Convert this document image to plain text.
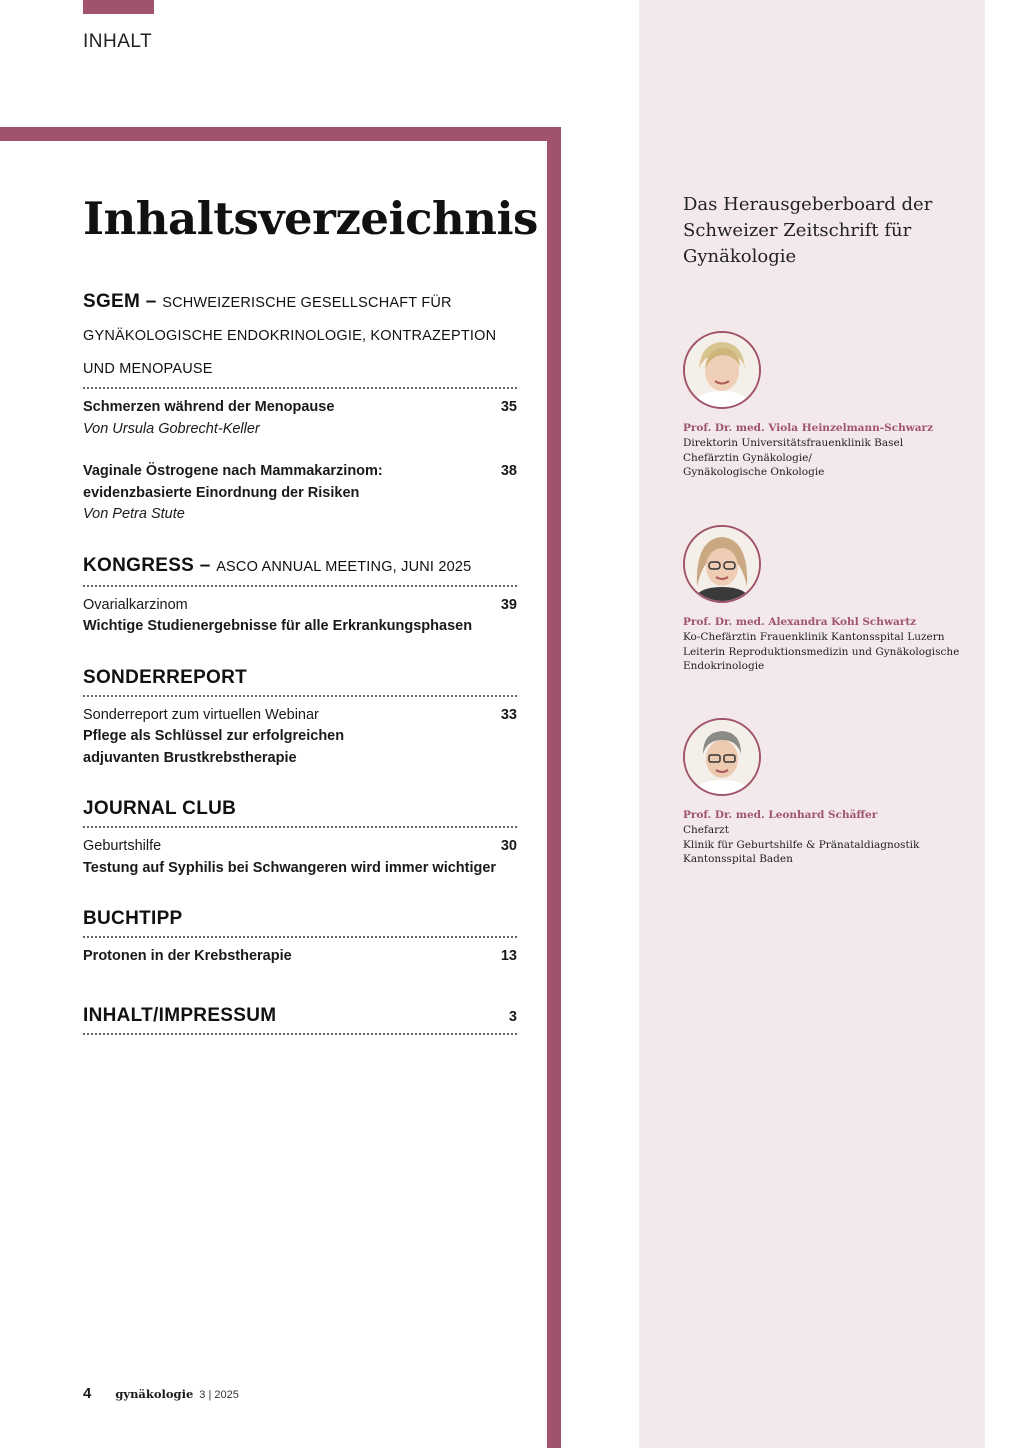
INHALT
Inhaltsverzeichnis
SGEM – SCHWEIZERISCHE GESELLSCHAFT FÜR
GYNÄKOLOGISCHE ENDOKRINOLOGIE, KONTRAZEPTION
UND MENOPAUSE
Schmerzen während der Menopause	35
Von Ursula Gobrecht-Keller
Vaginale Östrogene nach Mammakarzinom:	38
evidenzbasierte Einordnung der Risiken
Von Petra Stute
KONGRESS – ASCO ANNUAL MEETING, JUNI 2025
Ovarialkarzinom	39
Wichtige Studienergebnisse für alle Erkrankungsphasen
SONDERREPORT
Sonderreport zum virtuellen Webinar	33
Pflege als Schlüssel zur erfolgreichen
adjuvanten Brustkrebstherapie
JOURNAL CLUB
Geburtshilfe	30
Testung auf Syphilis bei Schwangeren wird immer wichtiger
BUCHTIPP
Protonen in der Krebstherapie	13
INHALT/IMPRESSUM	3
Das Herausgeberboard der
Schweizer Zeitschrift für
Gynäkologie
Prof. Dr. med. Viola Heinzelmann-Schwarz
Direktorin Universitätsfrauenklinik Basel
Chefärztin Gynäkologie/
Gynäkologische Onkologie
Prof. Dr. med. Alexandra Kohl Schwartz
Ko-Chefärztin Frauenklinik Kantonsspital Luzern
Leiterin Reproduktionsmedizin und Gynäkologische
Endokrinologie
Prof. Dr. med. Leonhard Schäffer
Chefarzt
Klinik für Geburtshilfe & Pränataldiagnostik
Kantonsspital Baden
4 gynäkologie 3 | 2025
